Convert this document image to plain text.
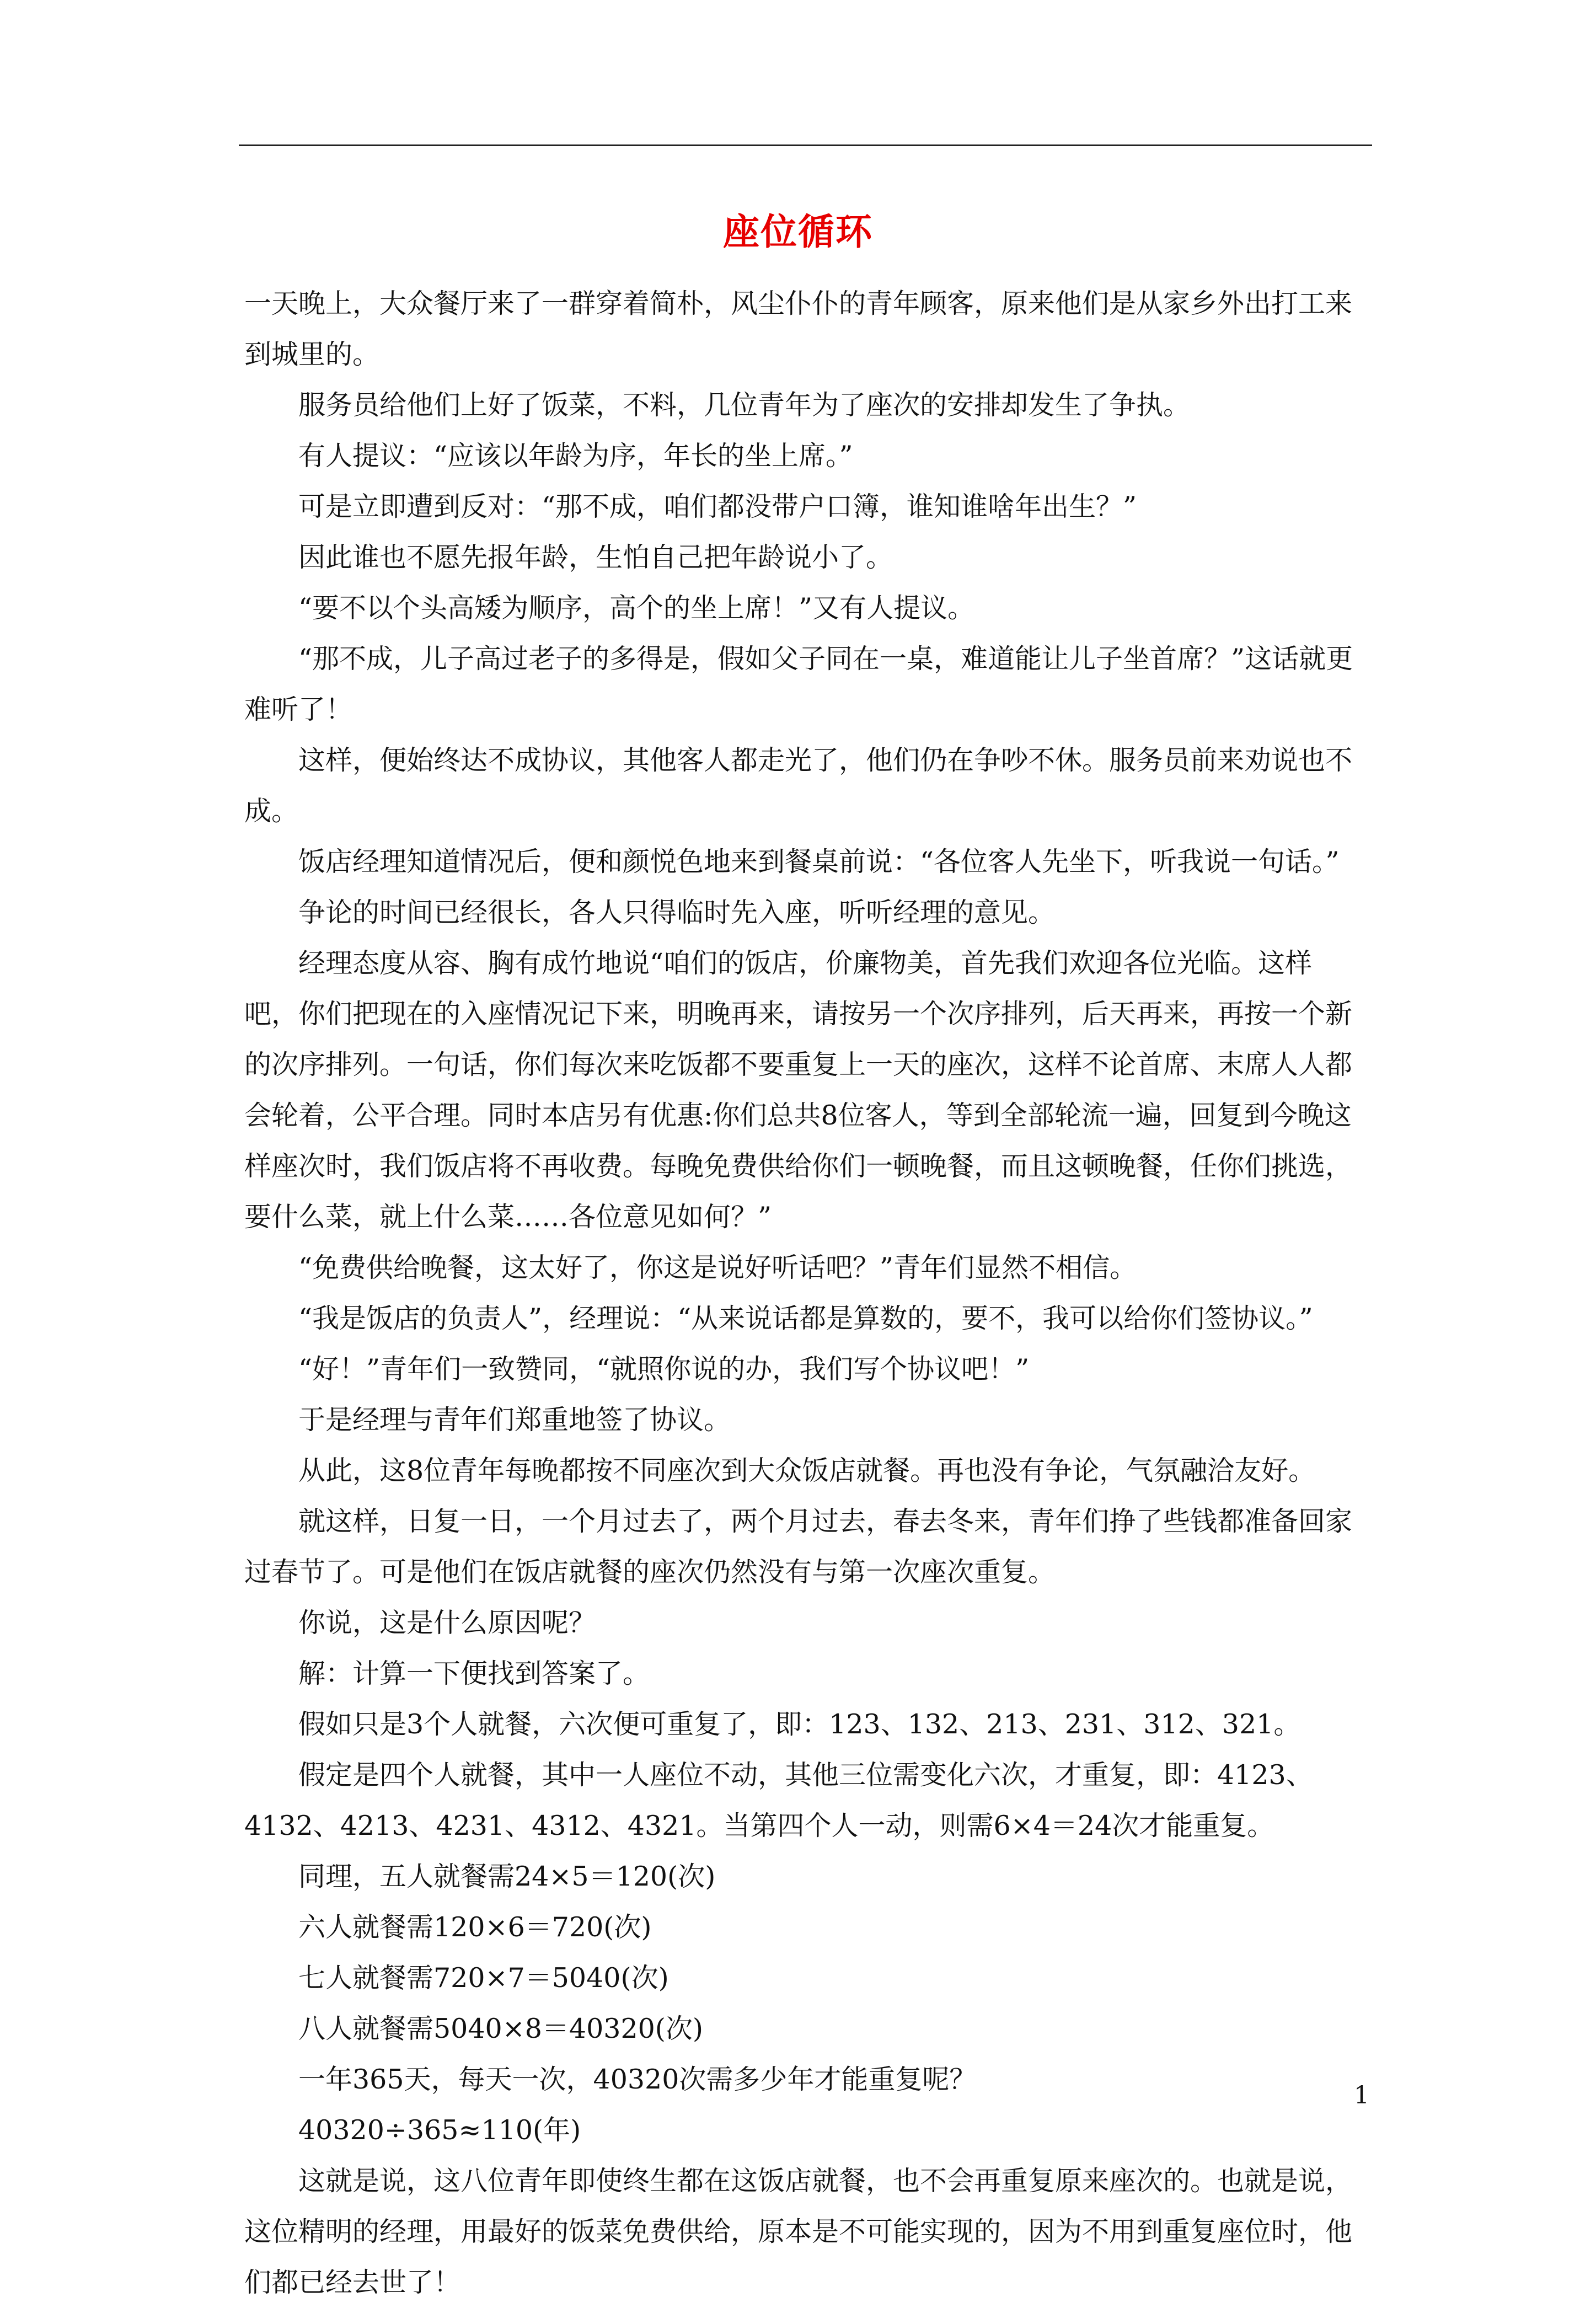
座位循环

一天晚上，大众餐厅来了一群穿着简朴，风尘仆仆的青年顾客，原来他们是从家乡外出打工来到城里的。

服务员给他们上好了饭菜，不料，几位青年为了座次的安排却发生了争执。

有人提议：“应该以年龄为序，年长的坐上席。”

可是立即遭到反对：“那不成，咱们都没带户口簿，谁知谁啥年出生？”

因此谁也不愿先报年龄，生怕自己把年龄说小了。

“要不以个头高矮为顺序，高个的坐上席！”又有人提议。

“那不成，儿子高过老子的多得是，假如父子同在一桌，难道能让儿子坐首席？”这话就更难听了！

这样，便始终达不成协议，其他客人都走光了，他们仍在争吵不休。服务员前来劝说也不成。

饭店经理知道情况后，便和颜悦色地来到餐桌前说：“各位客人先坐下，听我说一句话。”

争论的时间已经很长，各人只得临时先入座，听听经理的意见。

经理态度从容、胸有成竹地说“咱们的饭店，价廉物美，首先我们欢迎各位光临。这样吧，你们把现在的入座情况记下来，明晚再来，请按另一个次序排列，后天再来，再按一个新的次序排列。一句话，你们每次来吃饭都不要重复上一天的座次，这样不论首席、末席人人都会轮着，公平合理。同时本店另有优惠:你们总共8位客人，等到全部轮流一遍，回复到今晚这样座次时，我们饭店将不再收费。每晚免费供给你们一顿晚餐，而且这顿晚餐，任你们挑选，要什么菜，就上什么菜……各位意见如何？”

“免费供给晚餐，这太好了，你这是说好听话吧？”青年们显然不相信。

“我是饭店的负责人”，经理说：“从来说话都是算数的，要不，我可以给你们签协议。”

“好！”青年们一致赞同，“就照你说的办，我们写个协议吧！”

于是经理与青年们郑重地签了协议。

从此，这8位青年每晚都按不同座次到大众饭店就餐。再也没有争论，气氛融洽友好。

就这样，日复一日，一个月过去了，两个月过去，春去冬来，青年们挣了些钱都准备回家过春节了。可是他们在饭店就餐的座次仍然没有与第一次座次重复。

你说，这是什么原因呢？

解：计算一下便找到答案了。

假如只是3个人就餐，六次便可重复了，即：123、132、213、231、312、321。

假定是四个人就餐，其中一人座位不动，其他三位需变化六次，才重复，即：4123、4132、4213、4231、4312、4321。当第四个人一动，则需6×4＝24次才能重复。

同理，五人就餐需24×5＝120(次)

六人就餐需120×6＝720(次)

七人就餐需720×7＝5040(次)

八人就餐需5040×8＝40320(次)

一年365天，每天一次，40320次需多少年才能重复呢？

40320÷365≈110(年)

这就是说，这八位青年即使终生都在这饭店就餐，也不会再重复原来座次的。也就是说，这位精明的经理，用最好的饭菜免费供给，原本是不可能实现的，因为不用到重复座位时，他们都已经去世了！

1
